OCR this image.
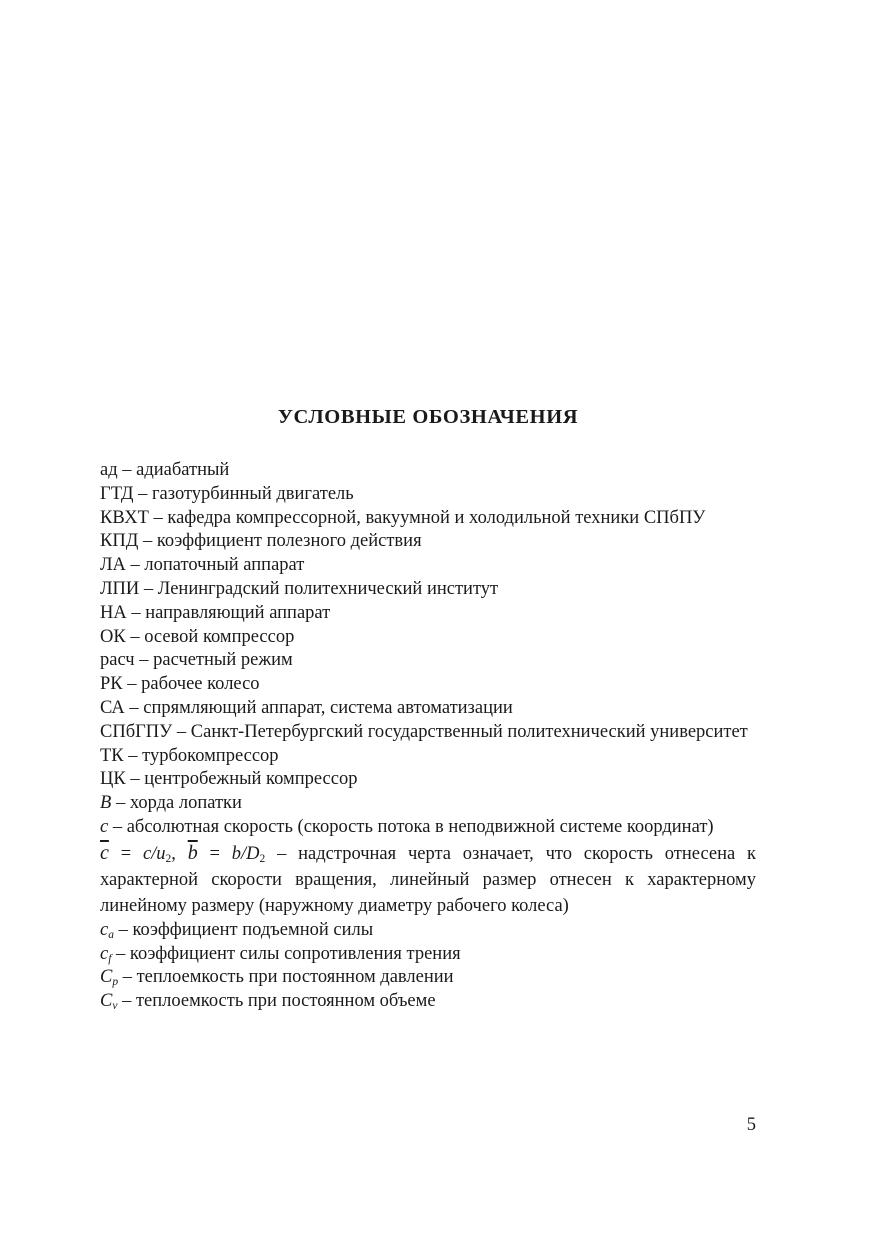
УСЛОВНЫЕ ОБОЗНАЧЕНИЯ

ад – адиабатный

ГТД – газотурбинный двигатель

КВХТ – кафедра компрессорной, вакуумной и холодильной техники СПбПУ

КПД – коэффициент полезного действия

ЛА – лопаточный аппарат

ЛПИ – Ленинградский политехнический институт

НА – направляющий аппарат

ОК – осевой компрессор

расч – расчетный режим

РК – рабочее колесо

СА – спрямляющий аппарат, система автоматизации

СПбГПУ – Санкт-Петербургский государственный политехнический университет

ТК – турбокомпрессор

ЦК – центробежный компрессор

B – хорда лопатки

c – абсолютная скорость (скорость потока в неподвижной системе координат)

$\overline{c} = c/u_2$, $\overline{b} = b/D_2$ – надстрочная черта означает, что скорость отнесена к характерной скорости вращения, линейный размер отнесен к характерному линейному размеру (наружному диаметру рабочего колеса)

$c_a$ – коэффициент подъемной силы

$c_f$ – коэффициент силы сопротивления трения

$C_p$ – теплоемкость при постоянном давлении

$C_v$ – теплоемкость при постоянном объеме

5
